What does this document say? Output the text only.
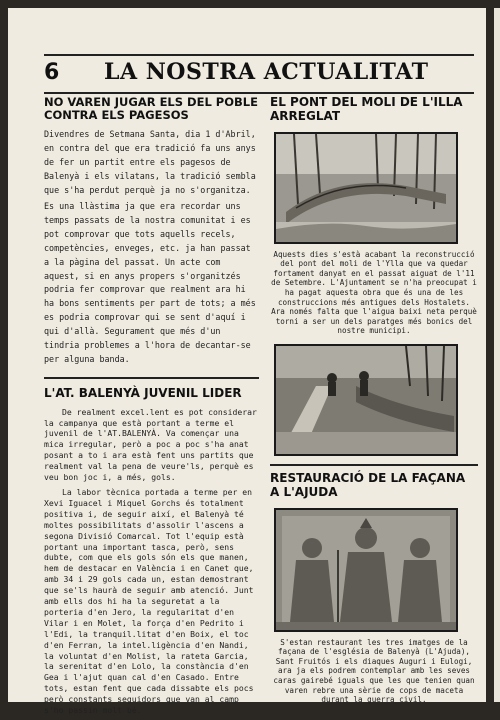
6 LA NOSTRA ACTUALITAT
NO VAREN JUGAR ELS DEL POBLE CONTRA ELS PAGESOS

Divendres de Setmana Santa, dia 1 d'Abril, en contra del que era tradició fa uns anys de fer un partit entre els pagesos de Balenyà i els vilatans, la tradició sembla que s'ha perdut perquè ja no s'organitza.

Es una llàstima ja que era recordar uns temps passats de la nostra comunitat i es pot comprovar que tots aquells recels, competències, enveges, etc. ja han passat a la pàgina del passat. Un acte com aquest, si en anys propers s'organitzés podria fer comprovar que realment ara hi ha bons sentiments per part de tots; a més es podria comprovar qui se sent d'aquí i qui d'allà. Segurament que més d'un tindria problemes a l'hora de decantar-se per alguna banda.

L'AT. BALENYÀ JUVENIL LIDER

De realment excel.lent es pot considerar la campanya que està portant a terme el juvenil de l'AT.BALENYÀ. Va començar una mica irregular, però a poc a poc s'ha anat posant a to i ara està fent uns partits que realment val la pena de veure'ls, perquè es veu bon joc i, a més, gols.

La labor tècnica portada a terme per en Xevi Iguacel i Miquel Gorchs és totalment positiva i, de seguir així, el Balenyà té moltes possibilitats d'assolir l'ascens a segona Divisió Comarcal. Tot l'equip està portant una important tasca, però, sens dubte, com que els gols són els que manen, hem de destacar en València i en Canet que, amb 34 i 29 gols cada un, estan demostrant que se'ls haurà de seguir amb atenció. Junt amb ells dos hi ha la seguretat a la porteria d'en Jero, la regularitat d'en Vilar i en Molet, la força d'en Pedrito i l'Edi, la tranquil.litat d'en Boix, el toc d'en Ferran, la intel.ligència d'en Nandi, la voluntat d'en Molist, la rateta Garcia, la serenitat d'en Lolo, la constància d'en Gea i l'ajut quan cal d'en Casado. Entre tots, estan fent que cada dissabte els pocs però constants seguidors que van al camp s'ho passin molt bé.

EL PONT DEL MOLI DE L'ILLA ARREGLAT
Aquests dies s'està acabant la reconstrucció del pont del moli de l'Ylla que va quedar fortament danyat en el passat aiguat de l'11 de Setembre. L'Ajuntament se n'ha preocupat i ha pagat aquesta obra que és una de les construccions més antigues dels Hostalets. Ara només falta que l'aigua baixi neta perquè torni a ser un dels paratges més bonics del nostre municipi.
RESTAURACIÓ DE LA FAÇANA A L'AJUDA
S'estan restaurant les tres imatges de la façana de l'església de Balenyà (L'Ajuda), Sant Fruitós i els diaques Auguri i Eulogi, ara ja els podrem contemplar amb les seves caras gairebé iguals que les que tenien quan varen rebre una sèrie de cops de maceta durant la guerra civil.
